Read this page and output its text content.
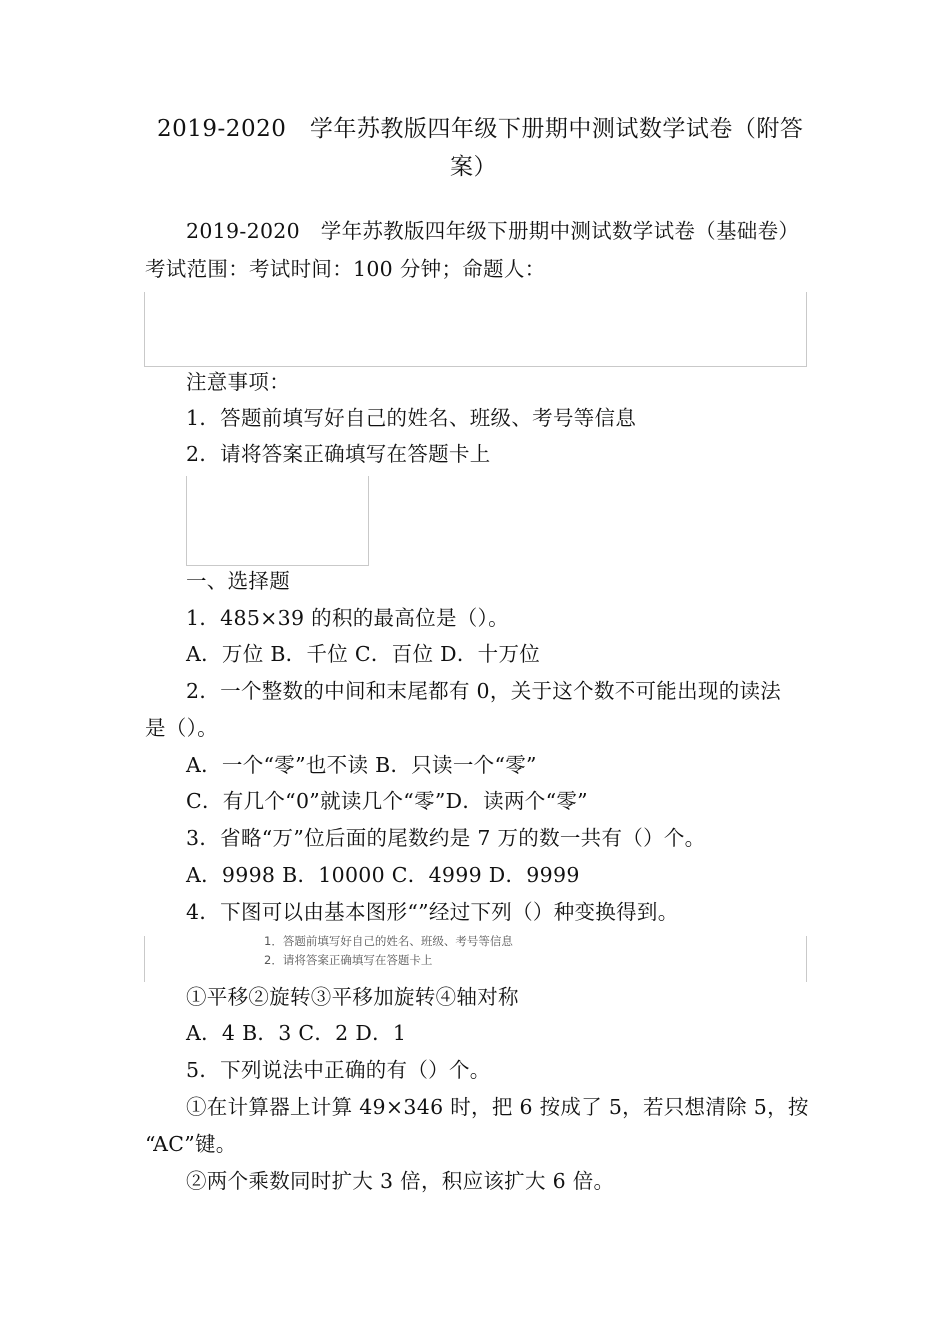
2019-2020　学年苏教版四年级下册期中测试数学试卷（附答
案）
2019-2020　学年苏教版四年级下册期中测试数学试卷（基础卷）
考试范围：考试时间：100 分钟；命题人：
注意事项：
1．答题前填写好自己的姓名、班级、考号等信息
2．请将答案正确填写在答题卡上
一、选择题
1．485×39 的积的最高位是（）。
A．万位 B．千位 C．百位 D．十万位
2．一个整数的中间和末尾都有 0，关于这个数不可能出现的读法
是（）。
A．一个“零”也不读 B．只读一个“零”
C．有几个“0”就读几个“零”D．读两个“零”
3．省略“万”位后面的尾数约是 7 万的数一共有（）个。
A．9998 B．10000 C．4999 D．9999
4．下图可以由基本图形“”经过下列（）种变换得到。
1．答题前填写好自己的姓名、班级、考号等信息
2．请将答案正确填写在答题卡上
①平移②旋转③平移加旋转④轴对称
A．4 B．3 C．2 D．1
5．下列说法中正确的有（）个。
①在计算器上计算 49×346 时，把 6 按成了 5，若只想清除 5，按
“AC”键。
②两个乘数同时扩大 3 倍，积应该扩大 6 倍。
